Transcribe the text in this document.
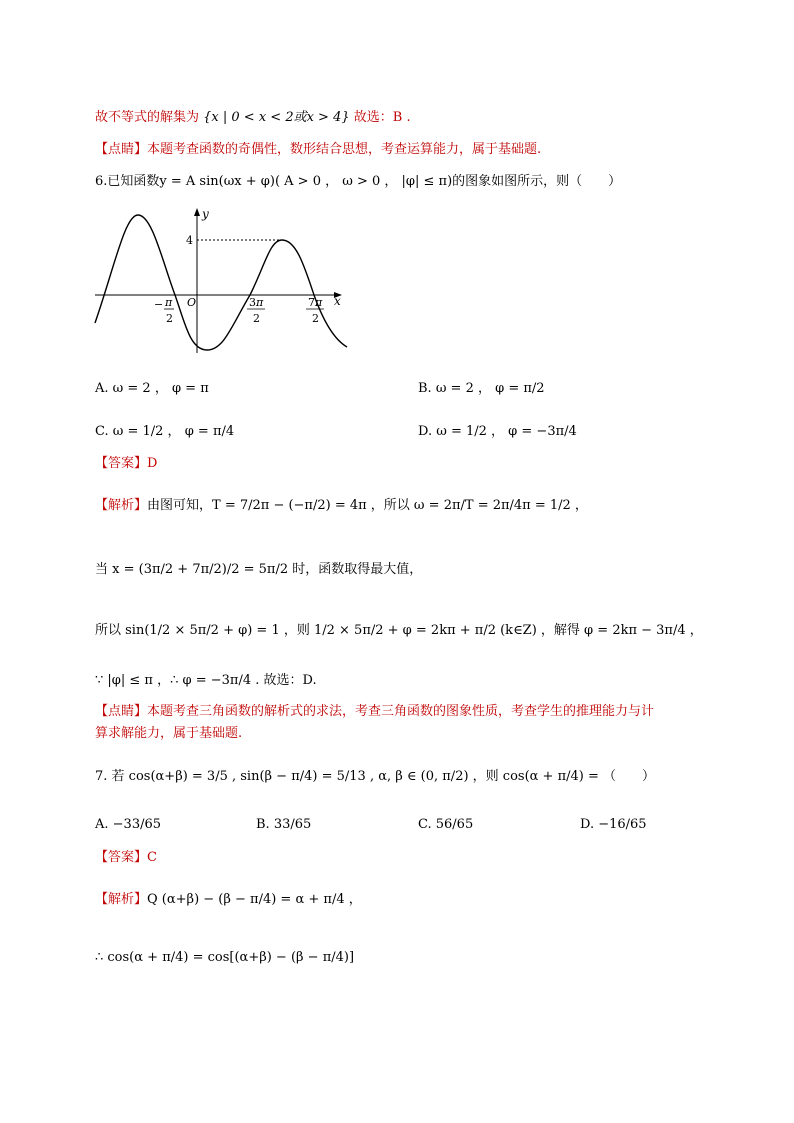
故不等式的解集为 {x | 0 < x < 2或x > 4} 故选：B .
【点睛】本题考查函数的奇偶性，数形结合思想，考查运算能力，属于基础题.
6.已知函数y = A sin(ωx + φ)( A > 0 ， ω > 0 ， |φ| ≤ π)的图象如图所示，则（　　）
y
x
O
4
− π
2
3 π
2
7 π
2
A. ω = 2 ， φ = π	B. ω = 2 ， φ = π/2
C. ω = 1/2 ， φ = π/4	D. ω = 1/2 ， φ = −3π/4
【答案】D
【解析】由图可知，T = 7/2π − (−π/2) = 4π ，所以 ω = 2π/T = 2π/4π = 1/2 ，
当 x = (3π/2 + 7π/2)/2 = 5π/2 时，函数取得最大值，
所以 sin(1/2 × 5π/2 + φ) = 1 ，则 1/2 × 5π/2 + φ = 2kπ + π/2 (k∈Z) ，解得 φ = 2kπ − 3π/4 ，
∵ |φ| ≤ π ，∴ φ = −3π/4 . 故选：D.
【点睛】本题考查三角函数的解析式的求法，考查三角函数的图象性质，考查学生的推理能力与计
算求解能力，属于基础题.
7. 若 cos(α+β) = 3/5 , sin(β − π/4) = 5/13 , α, β ∈ (0, π/2) ，则 cos(α + π/4) = （　　）
A. −33/65	B. 33/65	C. 56/65	D. −16/65
【答案】C
【解析】Q (α+β) − (β − π/4) = α + π/4 ，
∴ cos(α + π/4) = cos[(α+β) − (β − π/4)]
